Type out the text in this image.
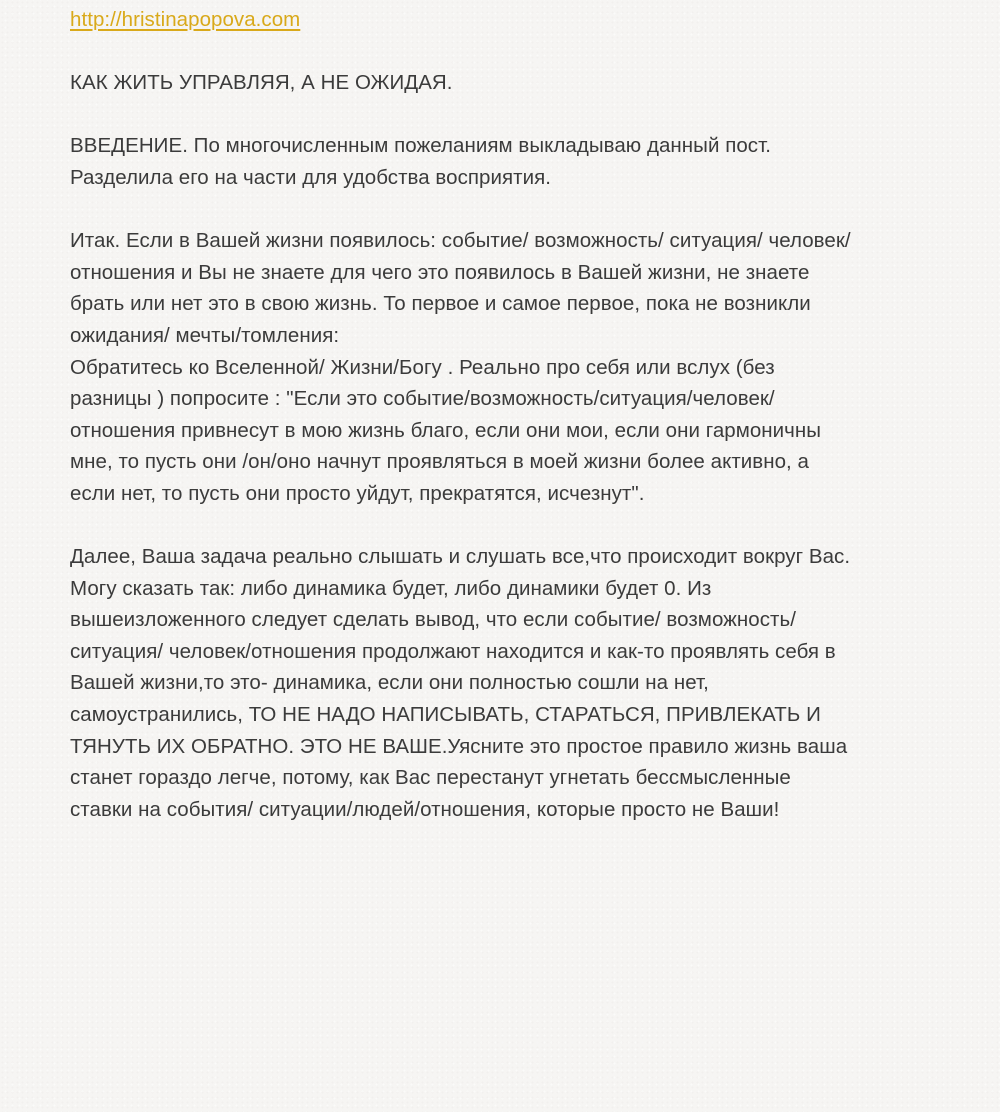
http://hristinapopova.com

КАК ЖИТЬ УПРАВЛЯЯ, А НЕ ОЖИДАЯ.

ВВЕДЕНИЕ. По многочисленным пожеланиям выкладываю данный пост.
Разделила его на части для удобства восприятия.

Итак. Если в Вашей жизни появилось: событие/ возможность/ ситуация/ человек/
отношения и Вы не знаете для чего это появилось в Вашей жизни, не знаете
брать или нет это в свою жизнь. То первое и самое первое, пока не возникли
ожидания/ мечты/томления:
Обратитесь ко Вселенной/ Жизни/Богу . Реально про себя или вслух (без
разницы ) попросите : "Если это событие/возможность/ситуация/человек/
отношения привнесут в мою жизнь благо, если они мои, если они гармоничны
мне, то пусть они /он/оно начнут проявляться в моей жизни более активно, а
если нет, то пусть они просто уйдут, прекратятся, исчезнут".

Далее, Ваша задача реально слышать и слушать все,что происходит вокруг Вас.
Могу сказать так: либо динамика будет, либо динамики будет 0. Из
вышеизложенного следует сделать вывод, что если событие/ возможность/
ситуация/ человек/отношения продолжают находится и как-то проявлять себя в
Вашей жизни,то это- динамика, если они полностью сошли на нет,
самоустранились, ТО НЕ НАДО НАПИСЫВАТЬ, СТАРАТЬСЯ, ПРИВЛЕКАТЬ И
ТЯНУТЬ ИХ ОБРАТНО. ЭТО НЕ ВАШЕ.Уясните это простое правило жизнь ваша
станет гораздо легче, потому, как Вас перестанут угнетать бессмысленные
ставки на события/ ситуации/людей/отношения, которые просто не Ваши!
